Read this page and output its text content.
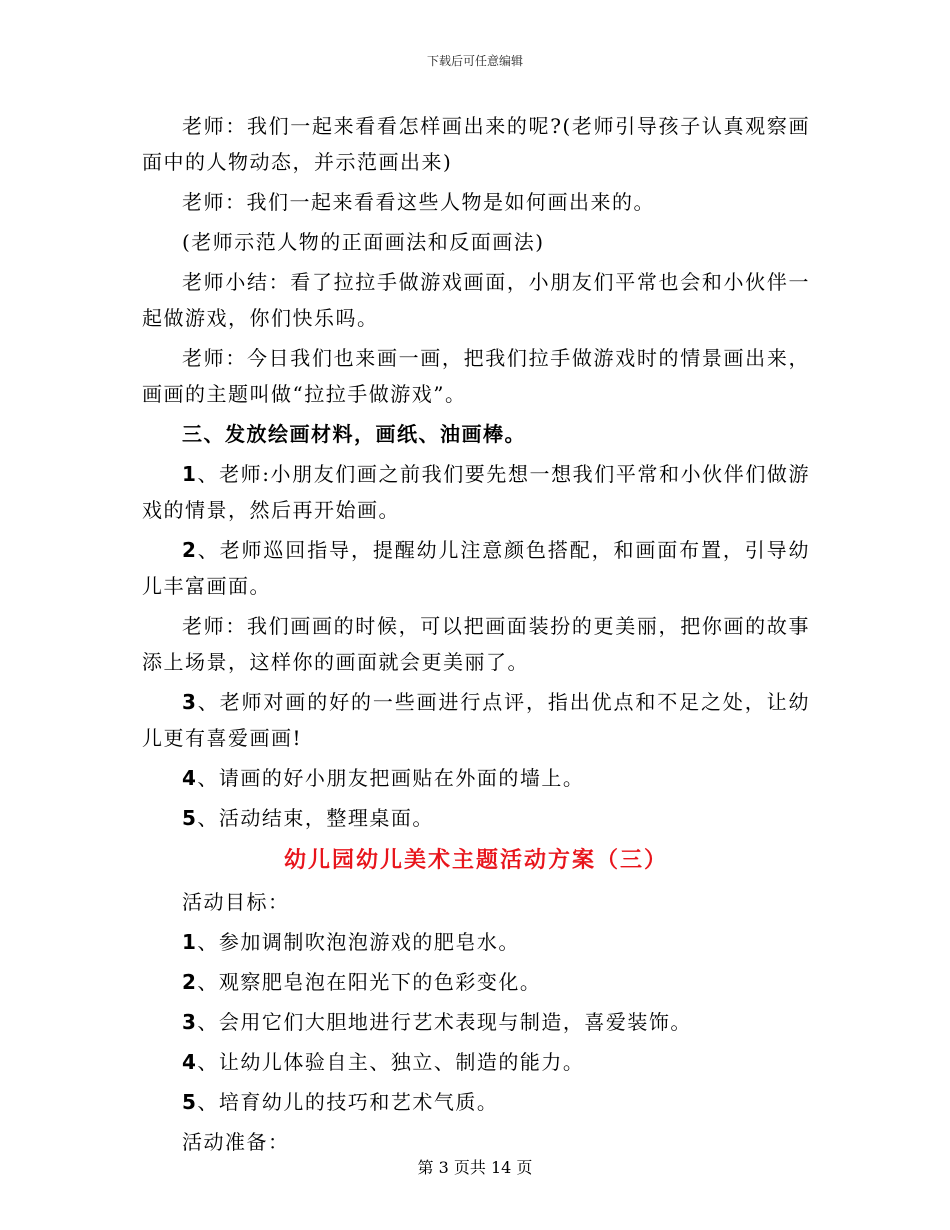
下载后可任意编辑

老师：我们一起来看看怎样画出来的呢?(老师引导孩子认真观察画面中的人物动态，并示范画出来)

老师：我们一起来看看这些人物是如何画出来的。

(老师示范人物的正面画法和反面画法)

老师小结：看了拉拉手做游戏画面，小朋友们平常也会和小伙伴一起做游戏，你们快乐吗。

老师：今日我们也来画一画，把我们拉手做游戏时的情景画出来，画画的主题叫做“拉拉手做游戏”。

三、发放绘画材料，画纸、油画棒。

1、老师:小朋友们画之前我们要先想一想我们平常和小伙伴们做游戏的情景，然后再开始画。

2、老师巡回指导，提醒幼儿注意颜色搭配，和画面布置，引导幼儿丰富画面。

老师：我们画画的时候，可以把画面装扮的更美丽，把你画的故事添上场景，这样你的画面就会更美丽了。

3、老师对画的好的一些画进行点评，指出优点和不足之处，让幼儿更有喜爱画画!

4、请画的好小朋友把画贴在外面的墙上。

5、活动结束，整理桌面。

幼儿园幼儿美术主题活动方案（三）

活动目标：

1、参加调制吹泡泡游戏的肥皂水。

2、观察肥皂泡在阳光下的色彩变化。

3、会用它们大胆地进行艺术表现与制造，喜爱装饰。

4、让幼儿体验自主、独立、制造的能力。

5、培育幼儿的技巧和艺术气质。

活动准备：

第 3 页共 14 页
